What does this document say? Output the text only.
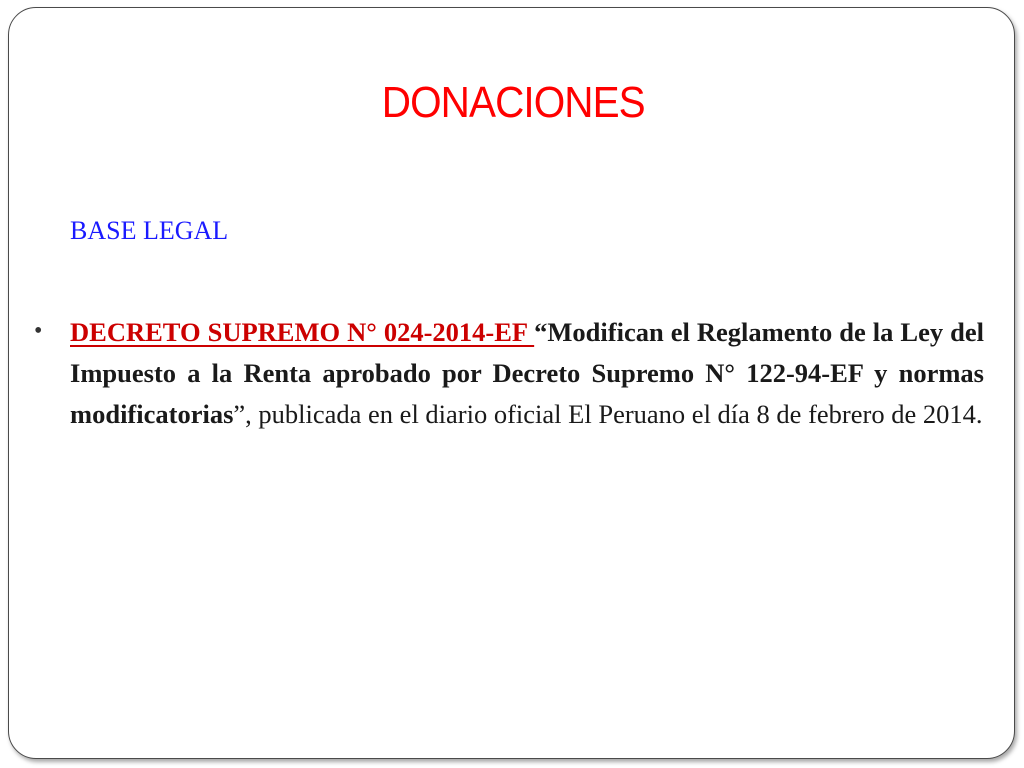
DONACIONES
BASE LEGAL
• DECRETO SUPREMO N° 024-2014-EF “Modifican el Reglamento de la Ley del Impuesto a la Renta aprobado por Decreto Supremo N° 122-94-EF y normas modificatorias”, publicada en el diario oficial El Peruano el día 8 de febrero de 2014.
